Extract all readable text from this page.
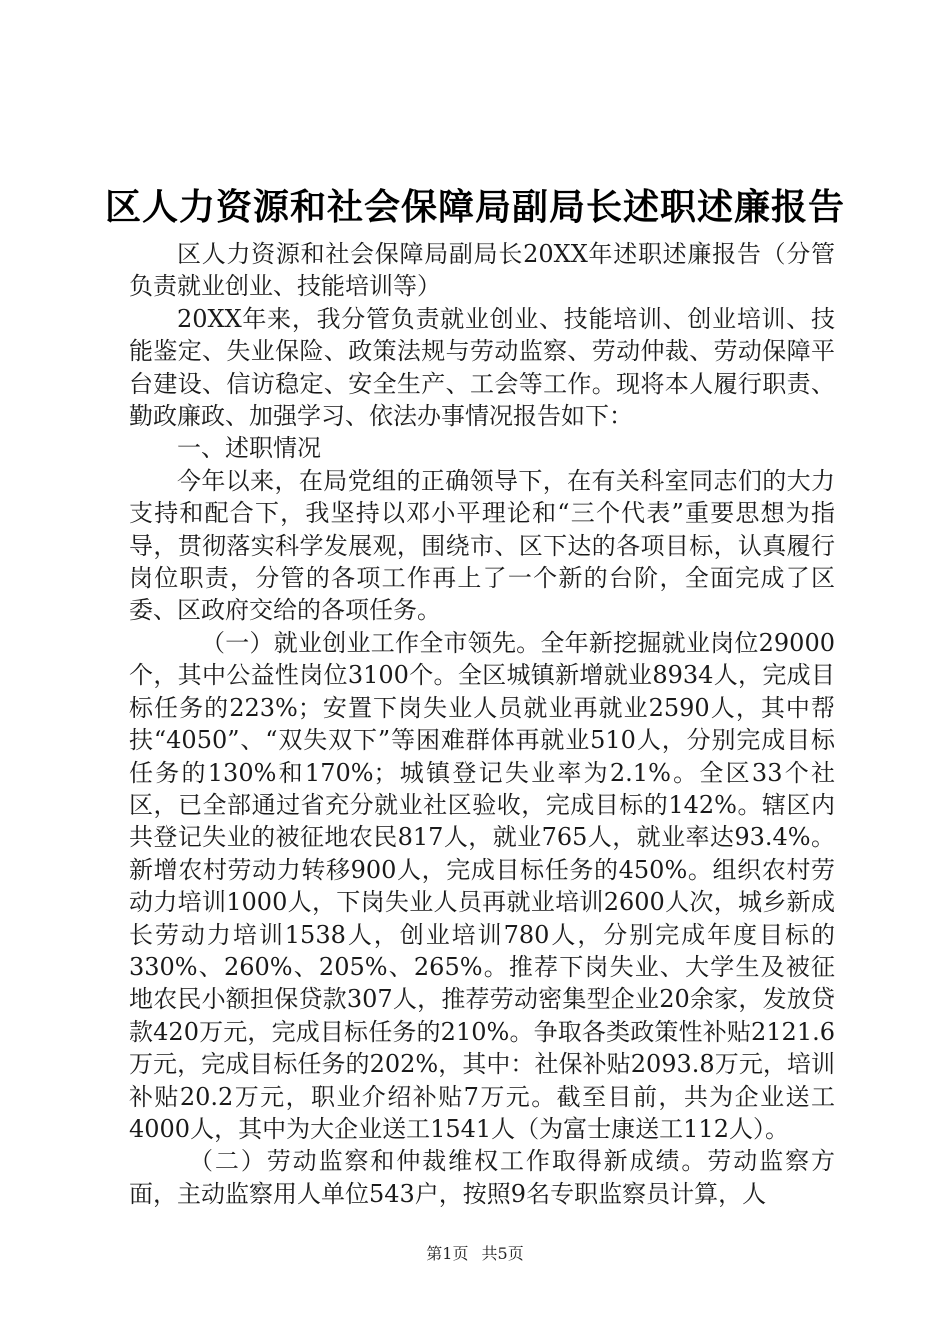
区人力资源和社会保障局副局长述职述廉报告

区人力资源和社会保障局副局长20XX年述职述廉报告（分管负责就业创业、技能培训等）

20XX年来，我分管负责就业创业、技能培训、创业培训、技能鉴定、失业保险、政策法规与劳动监察、劳动仲裁、劳动保障平台建设、信访稳定、安全生产、工会等工作。现将本人履行职责、勤政廉政、加强学习、依法办事情况报告如下：

一、述职情况

今年以来，在局党组的正确领导下，在有关科室同志们的大力支持和配合下，我坚持以邓小平理论和“三个代表”重要思想为指导，贯彻落实科学发展观，围绕市、区下达的各项目标，认真履行岗位职责，分管的各项工作再上了一个新的台阶，全面完成了区委、区政府交给的各项任务。

（一）就业创业工作全市领先。全年新挖掘就业岗位29000个，其中公益性岗位3100个。全区城镇新增就业8934人，完成目标任务的223%；安置下岗失业人员就业再就业2590人，其中帮扶“4050”、“双失双下”等困难群体再就业510人，分别完成目标任务的130%和170%；城镇登记失业率为2.1%。全区33个社区，已全部通过省充分就业社区验收，完成目标的142%。辖区内共登记失业的被征地农民817人，就业765人，就业率达93.4%。新增农村劳动力转移900人，完成目标任务的450%。组织农村劳动力培训1000人，下岗失业人员再就业培训2600人次，城乡新成长劳动力培训1538人，创业培训780人，分别完成年度目标的330%、260%、205%、265%。推荐下岗失业、大学生及被征地农民小额担保贷款307人，推荐劳动密集型企业20余家，发放贷款420万元，完成目标任务的210%。争取各类政策性补贴2121.6万元，完成目标任务的202%，其中：社保补贴2093.8万元，培训补贴20.2万元，职业介绍补贴7万元。截至目前，共为企业送工4000人，其中为大企业送工1541人（为富士康送工112人）。

（二）劳动监察和仲裁维权工作取得新成绩。劳动监察方面，主动监察用人单位543户，按照9名专职监察员计算，人

第1页 共5页
